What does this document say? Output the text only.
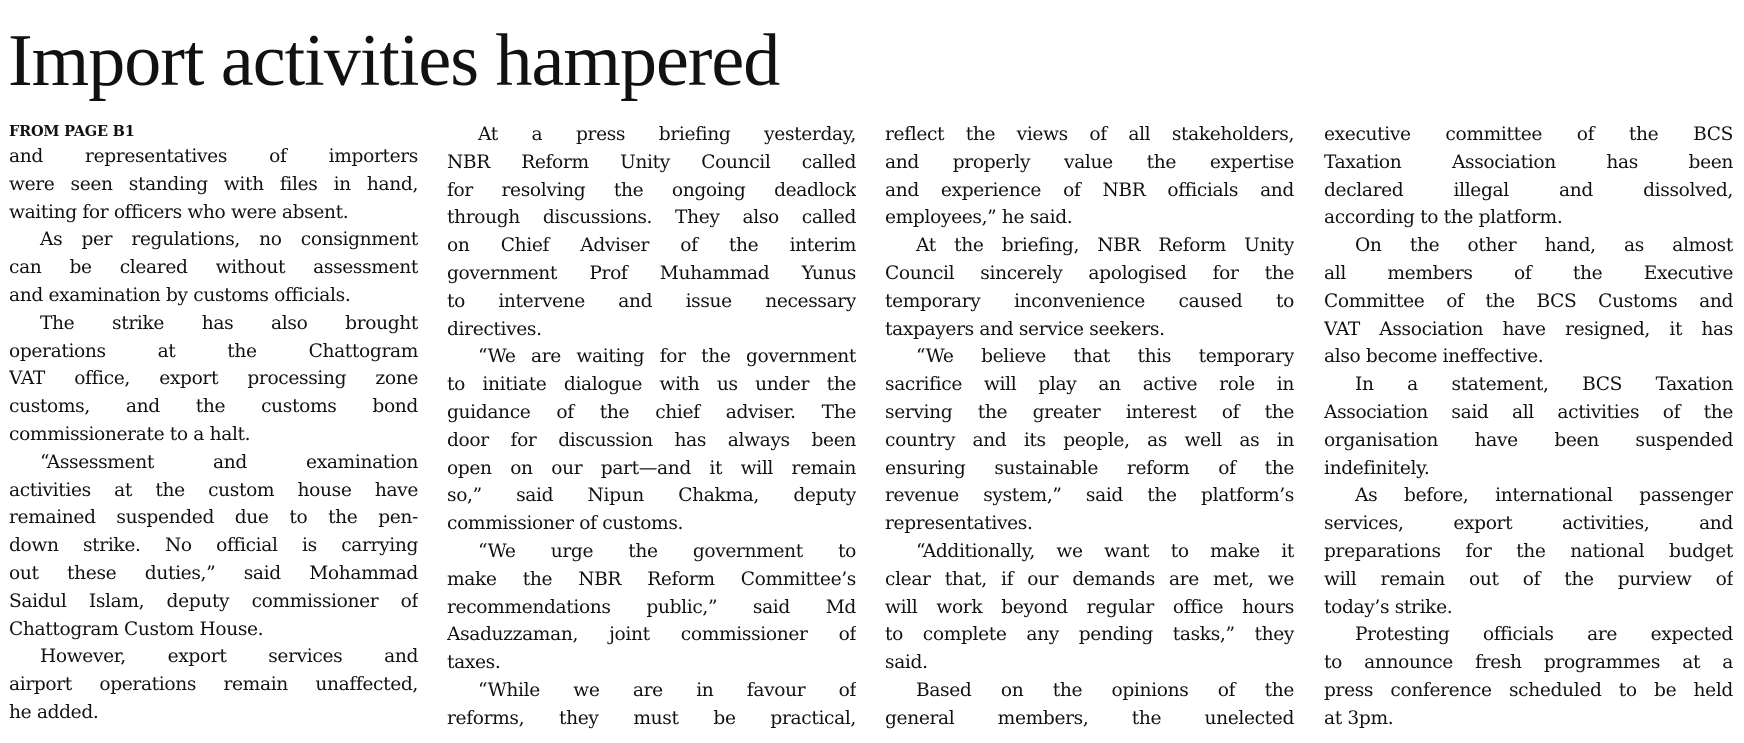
Import activities hampered
FROM PAGE B1
and representatives of importers
were seen standing with files in hand,
waiting for officers who were absent.
As per regulations, no consignment
can be cleared without assessment
and examination by customs officials.
The strike has also brought
operations at the Chattogram
VAT office, export processing zone
customs, and the customs bond
commissionerate to a halt.
“Assessment and examination
activities at the custom house have
remained suspended due to the pen-
down strike. No official is carrying
out these duties,” said Mohammad
Saidul Islam, deputy commissioner of
Chattogram Custom House.
However, export services and
airport operations remain unaffected,
he added.
At a press briefing yesterday,
NBR Reform Unity Council called
for resolving the ongoing deadlock
through discussions. They also called
on Chief Adviser of the interim
government Prof Muhammad Yunus
to intervene and issue necessary
directives.
“We are waiting for the government
to initiate dialogue with us under the
guidance of the chief adviser. The
door for discussion has always been
open on our part—and it will remain
so,” said Nipun Chakma, deputy
commissioner of customs.
“We urge the government to
make the NBR Reform Committee’s
recommendations public,” said Md
Asaduzzaman, joint commissioner of
taxes.
“While we are in favour of
reforms, they must be practical,
reflect the views of all stakeholders,
and properly value the expertise
and experience of NBR officials and
employees,” he said.
At the briefing, NBR Reform Unity
Council sincerely apologised for the
temporary inconvenience caused to
taxpayers and service seekers.
“We believe that this temporary
sacrifice will play an active role in
serving the greater interest of the
country and its people, as well as in
ensuring sustainable reform of the
revenue system,” said the platform’s
representatives.
“Additionally, we want to make it
clear that, if our demands are met, we
will work beyond regular office hours
to complete any pending tasks,” they
said.
Based on the opinions of the
general members, the unelected
executive committee of the BCS
Taxation Association has been
declared illegal and dissolved,
according to the platform.
On the other hand, as almost
all members of the Executive
Committee of the BCS Customs and
VAT Association have resigned, it has
also become ineffective.
In a statement, BCS Taxation
Association said all activities of the
organisation have been suspended
indefinitely.
As before, international passenger
services, export activities, and
preparations for the national budget
will remain out of the purview of
today’s strike.
Protesting officials are expected
to announce fresh programmes at a
press conference scheduled to be held
at 3pm.
